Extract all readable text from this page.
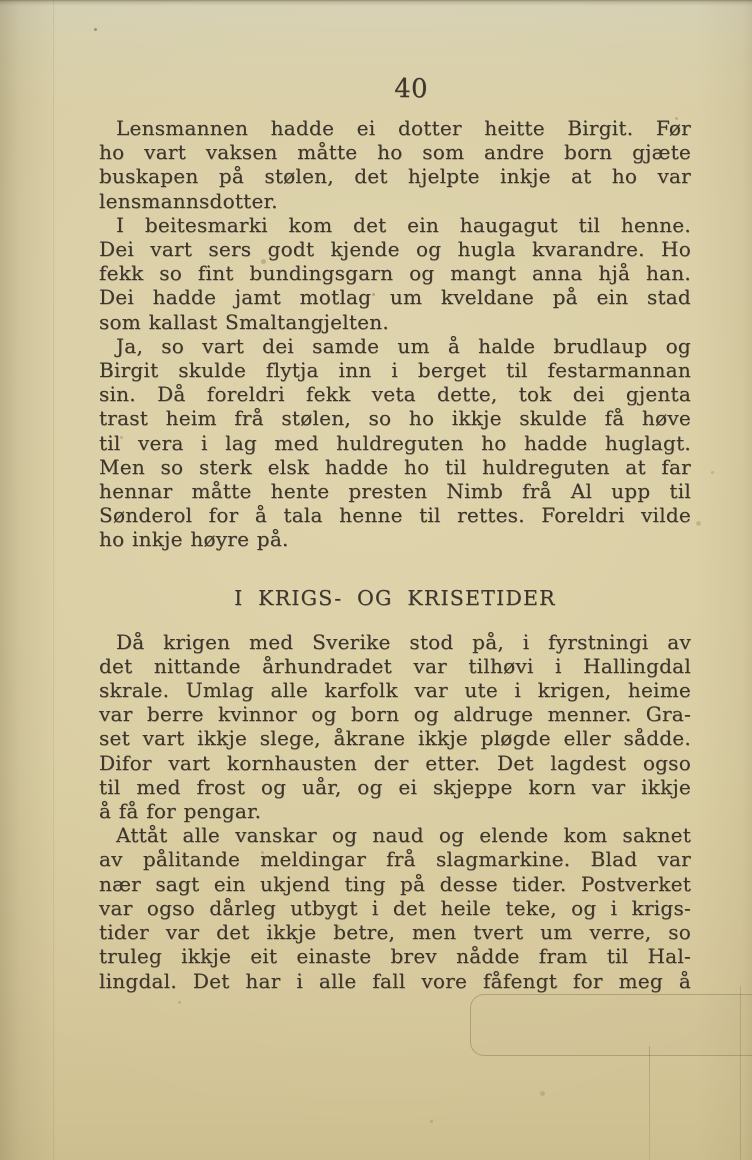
40
Lensmannen hadde ei dotter heitte Birgit. Før
ho vart vaksen måtte ho som andre born gjæte
buskapen på stølen, det hjelpte inkje at ho var
lensmannsdotter.
I beitesmarki kom det ein haugagut til henne.
Dei vart sers godt kjende og hugla kvarandre. Ho
fekk so fint bundingsgarn og mangt anna hjå han.
Dei hadde jamt motlag um kveldane på ein stad
som kallast Smaltangjelten.
Ja, so vart dei samde um å halde brudlaup og
Birgit skulde flytja inn i berget til festarmannan
sin. Då foreldri fekk veta dette, tok dei gjenta
trast heim frå stølen, so ho ikkje skulde få høve
til vera i lag med huldreguten ho hadde huglagt.
Men so sterk elsk hadde ho til huldreguten at far
hennar måtte hente presten Nimb frå Al upp til
Sønderol for å tala henne til rettes. Foreldri vilde
ho inkje høyre på.
I KRIGS- OG KRISETIDER
Då krigen med Sverike stod på, i fyrstningi av
det nittande århundradet var tilhøvi i Hallingdal
skrale. Umlag alle karfolk var ute i krigen, heime
var berre kvinnor og born og aldruge menner. Gra-
set vart ikkje slege, åkrane ikkje pløgde eller sådde.
Difor vart kornhausten der etter. Det lagdest ogso
til med frost og uår, og ei skjeppe korn var ikkje
å få for pengar.
Attåt alle vanskar og naud og elende kom saknet
av pålitande meldingar frå slagmarkine. Blad var
nær sagt ein ukjend ting på desse tider. Postverket
var ogso dårleg utbygt i det heile teke, og i krigs-
tider var det ikkje betre, men tvert um verre, so
truleg ikkje eit einaste brev nådde fram til Hal-
lingdal. Det har i alle fall vore fåfengt for meg å
